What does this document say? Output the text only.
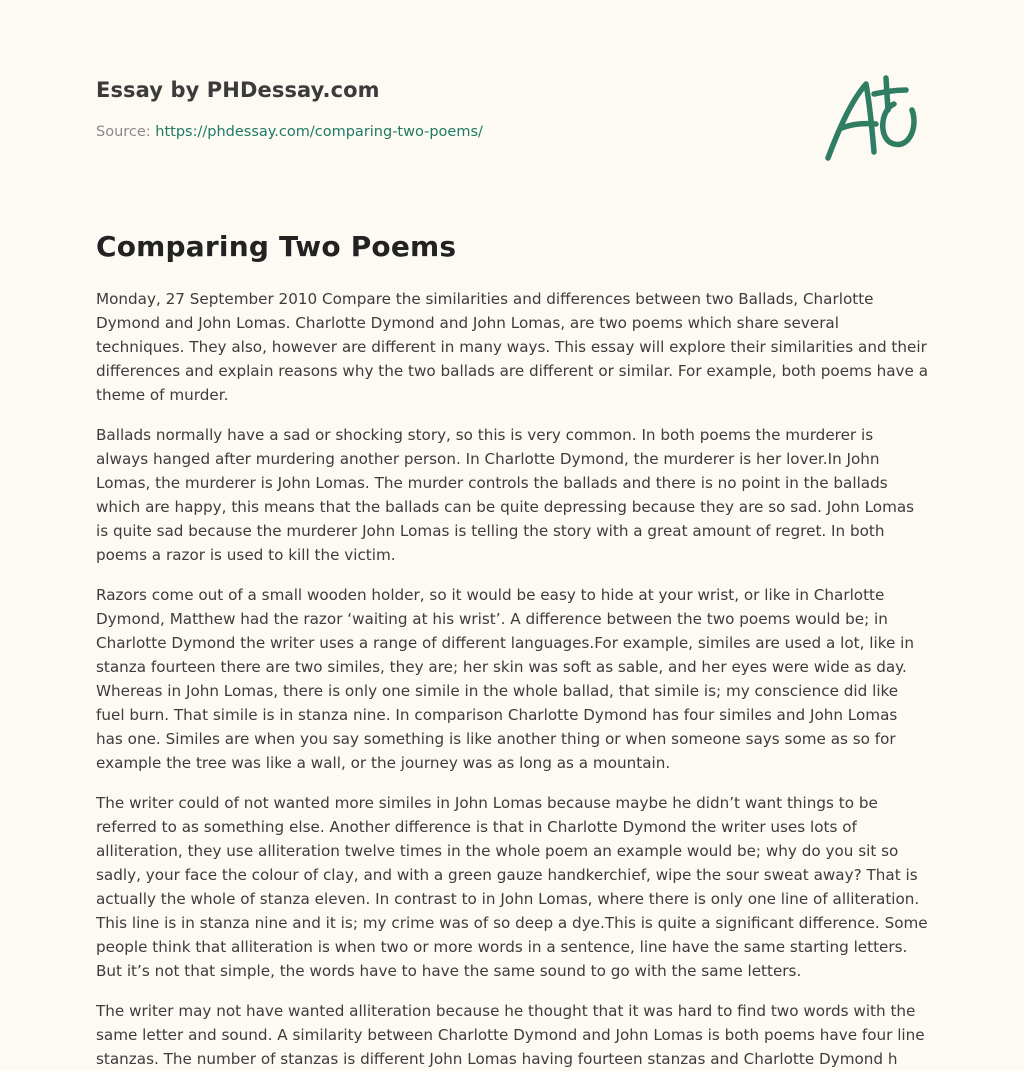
Essay by PHDessay.com
Source: https://phdessay.com/comparing-two-poems/
Comparing Two Poems

Monday, 27 September 2010 Compare the similarities and differences between two Ballads, Charlotte Dymond and John Lomas. Charlotte Dymond and John Lomas, are two poems which share several techniques. They also, however are different in many ways. This essay will explore their similarities and their differences and explain reasons why the two ballads are different or similar. For example, both poems have a theme of murder.

Ballads normally have a sad or shocking story, so this is very common. In both poems the murderer is always hanged after murdering another person. In Charlotte Dymond, the murderer is her lover.In John Lomas, the murderer is John Lomas. The murder controls the ballads and there is no point in the ballads which are happy, this means that the ballads can be quite depressing because they are so sad. John Lomas is quite sad because the murderer John Lomas is telling the story with a great amount of regret. In both poems a razor is used to kill the victim.

Razors come out of a small wooden holder, so it would be easy to hide at your wrist, or like in Charlotte Dymond, Matthew had the razor ‘waiting at his wrist’. A difference between the two poems would be; in Charlotte Dymond the writer uses a range of different languages.For example, similes are used a lot, like in stanza fourteen there are two similes, they are; her skin was soft as sable, and her eyes were wide as day. Whereas in John Lomas, there is only one simile in the whole ballad, that simile is; my conscience did like fuel burn. That simile is in stanza nine. In comparison Charlotte Dymond has four similes and John Lomas has one. Similes are when you say something is like another thing or when someone says some as so for example the tree was like a wall, or the journey was as long as a mountain.

The writer could of not wanted more similes in John Lomas because maybe he didn’t want things to be referred to as something else. Another difference is that in Charlotte Dymond the writer uses lots of alliteration, they use alliteration twelve times in the whole poem an example would be; why do you sit so sadly, your face the colour of clay, and with a green gauze handkerchief, wipe the sour sweat away? That is actually the whole of stanza eleven. In contrast to in John Lomas, where there is only one line of alliteration. This line is in stanza nine and it is; my crime was of so deep a dye.This is quite a significant difference. Some people think that alliteration is when two or more words in a sentence, line have the same starting letters. But it’s not that simple, the words have to have the same sound to go with the same letters.

The writer may not have wanted alliteration because he thought that it was hard to find two words with the same letter and sound. A similarity between Charlotte Dymond and John Lomas is both poems have four line stanzas. The number of stanzas is different John Lomas having fourteen stanzas and Charlotte Dymond h
